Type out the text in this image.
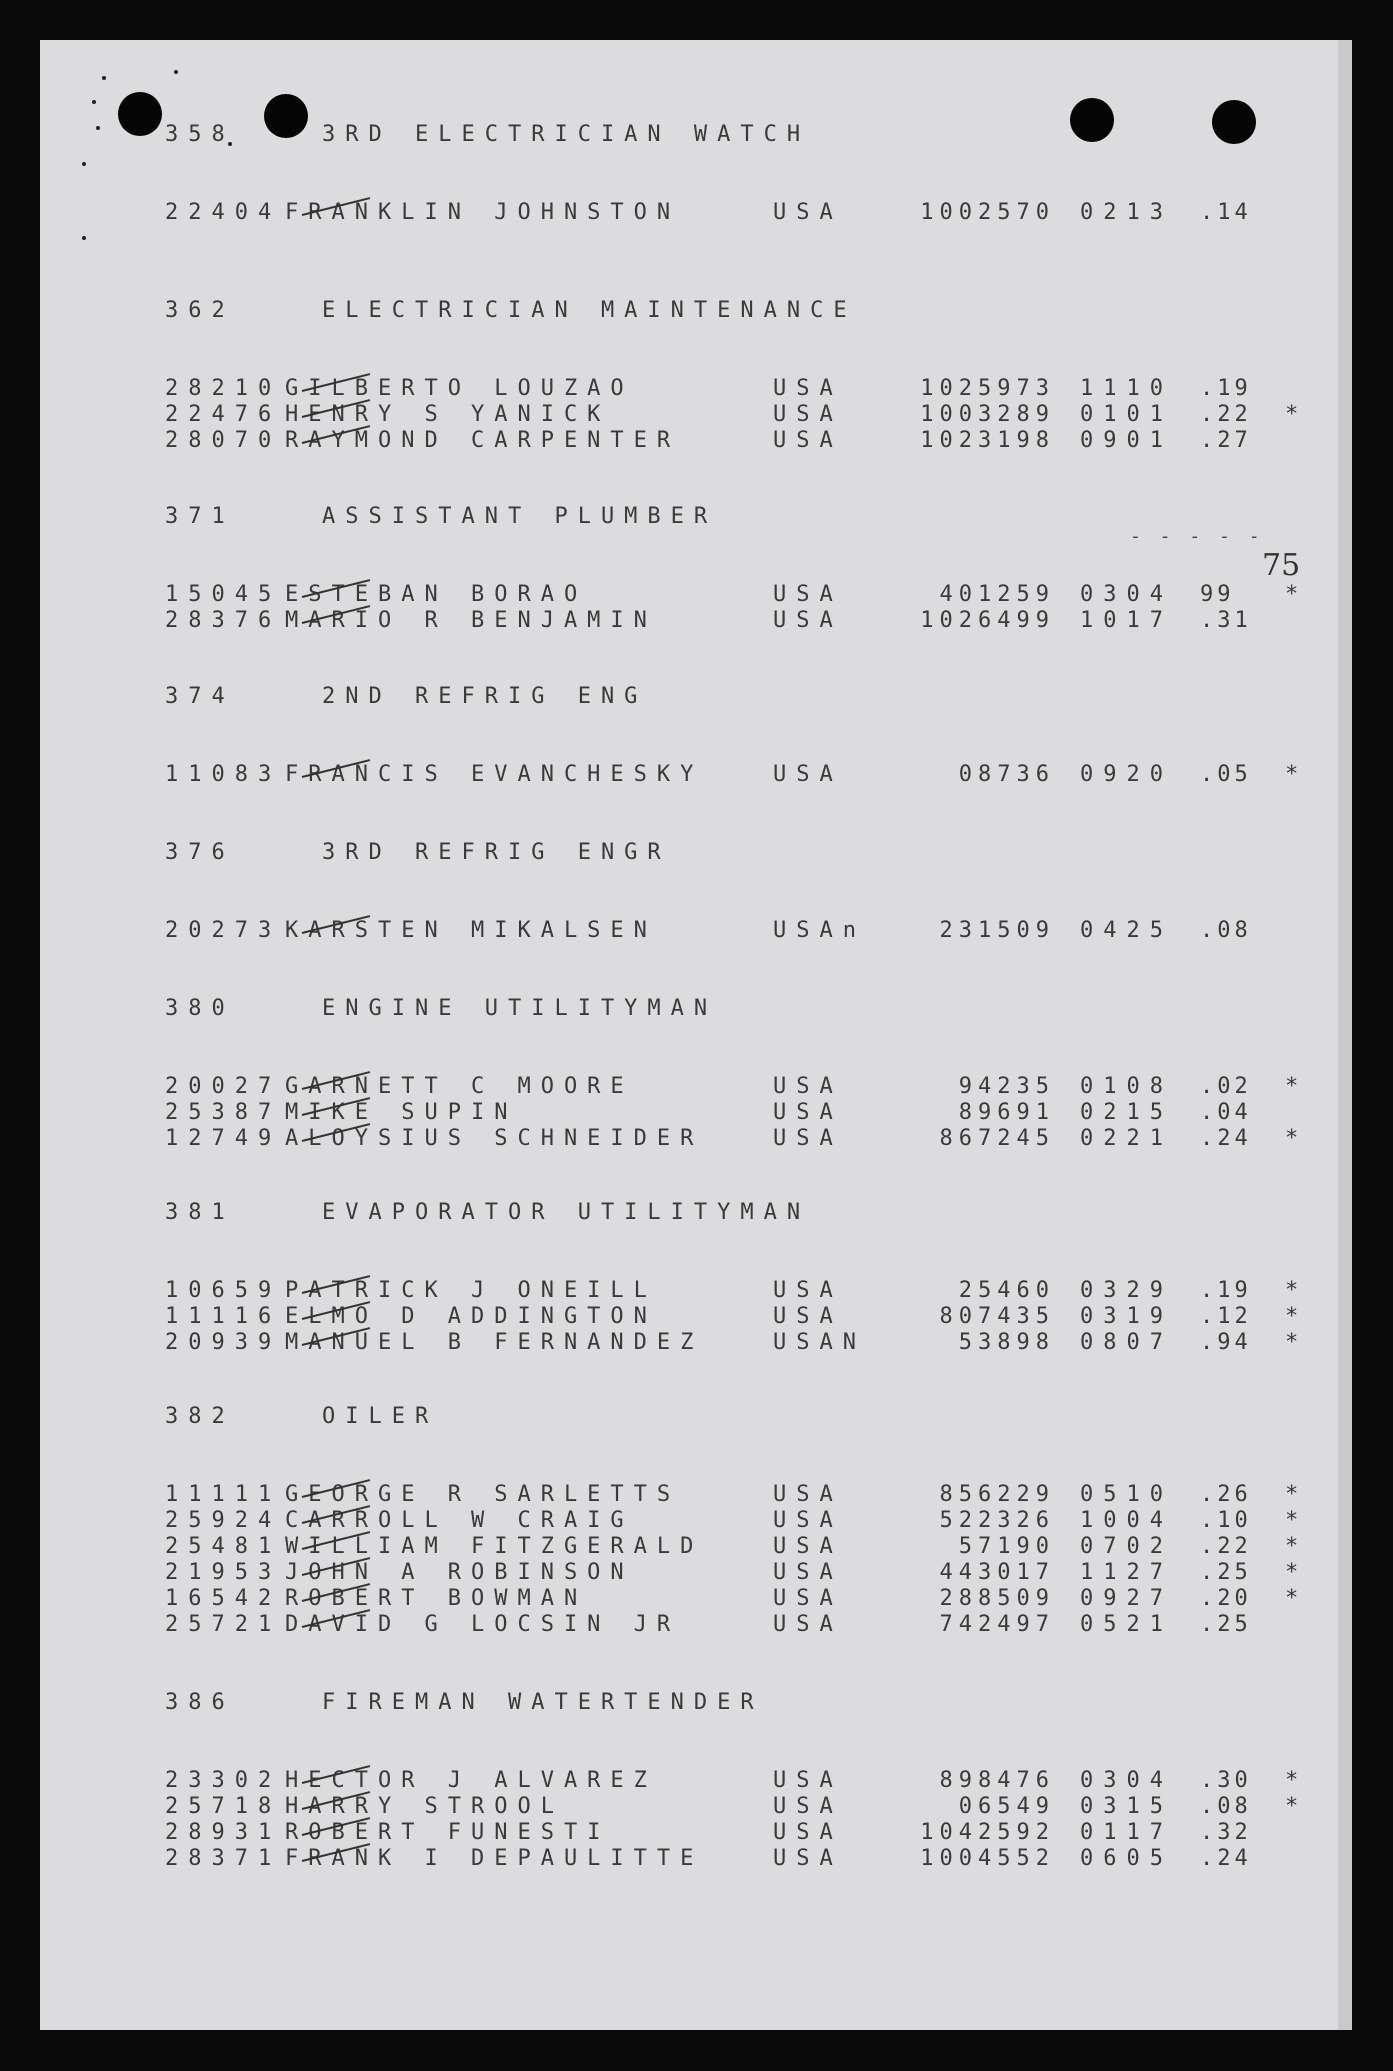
- - - - -
75
358	3RD ELECTRICIAN WATCH
22404 FRANKLIN JOHNSTON	USA	1002570 0213 .14
362	ELECTRICIAN MAINTENANCE
28210 GILBERTO LOUZAO	USA	1025973 1110 .19
22476 HENRY S YANICK	USA	1003289 0101 .22 *
28070 RAYMOND CARPENTER	USA	1023198 0901 .27
371	ASSISTANT PLUMBER
15045 ESTEBAN BORAO	USA	401259 0304 99 *
28376 MARIO R BENJAMIN	USA	1026499 1017 .31
374	2ND REFRIG ENG
11083 FRANCIS EVANCHESKY	USA	08736 0920 .05 *
376	3RD REFRIG ENGR
20273 KARSTEN MIKALSEN	USAn	231509 0425 .08
380	ENGINE UTILITYMAN
20027 GARNETT C MOORE	USA	94235 0108 .02 *
25387 MIKE SUPIN	USA	89691 0215 .04
12749 ALOYSIUS SCHNEIDER	USA	867245 0221 .24 *
381	EVAPORATOR UTILITYMAN
10659 PATRICK J ONEILL	USA	25460 0329 .19 *
11116 ELMO D ADDINGTON	USA	807435 0319 .12 *
20939 MANUEL B FERNANDEZ	USAN	53898 0807 .94 *
382	OILER
11111 GEORGE R SARLETTS	USA	856229 0510 .26 *
25924 CARROLL W CRAIG	USA	522326 1004 .10 *
25481 WILLIAM FITZGERALD	USA	57190 0702 .22 *
21953 JOHN A ROBINSON	USA	443017 1127 .25 *
16542 ROBERT BOWMAN	USA	288509 0927 .20 *
25721 DAVID G LOCSIN JR	USA	742497 0521 .25
386	FIREMAN WATERTENDER
23302 HECTOR J ALVAREZ	USA	898476 0304 .30 *
25718 HARRY STROOL	USA	06549 0315 .08 *
28931 ROBERT FUNESTI	USA	1042592 0117 .32
28371 FRANK I DEPAULITTE	USA	1004552 0605 .24
